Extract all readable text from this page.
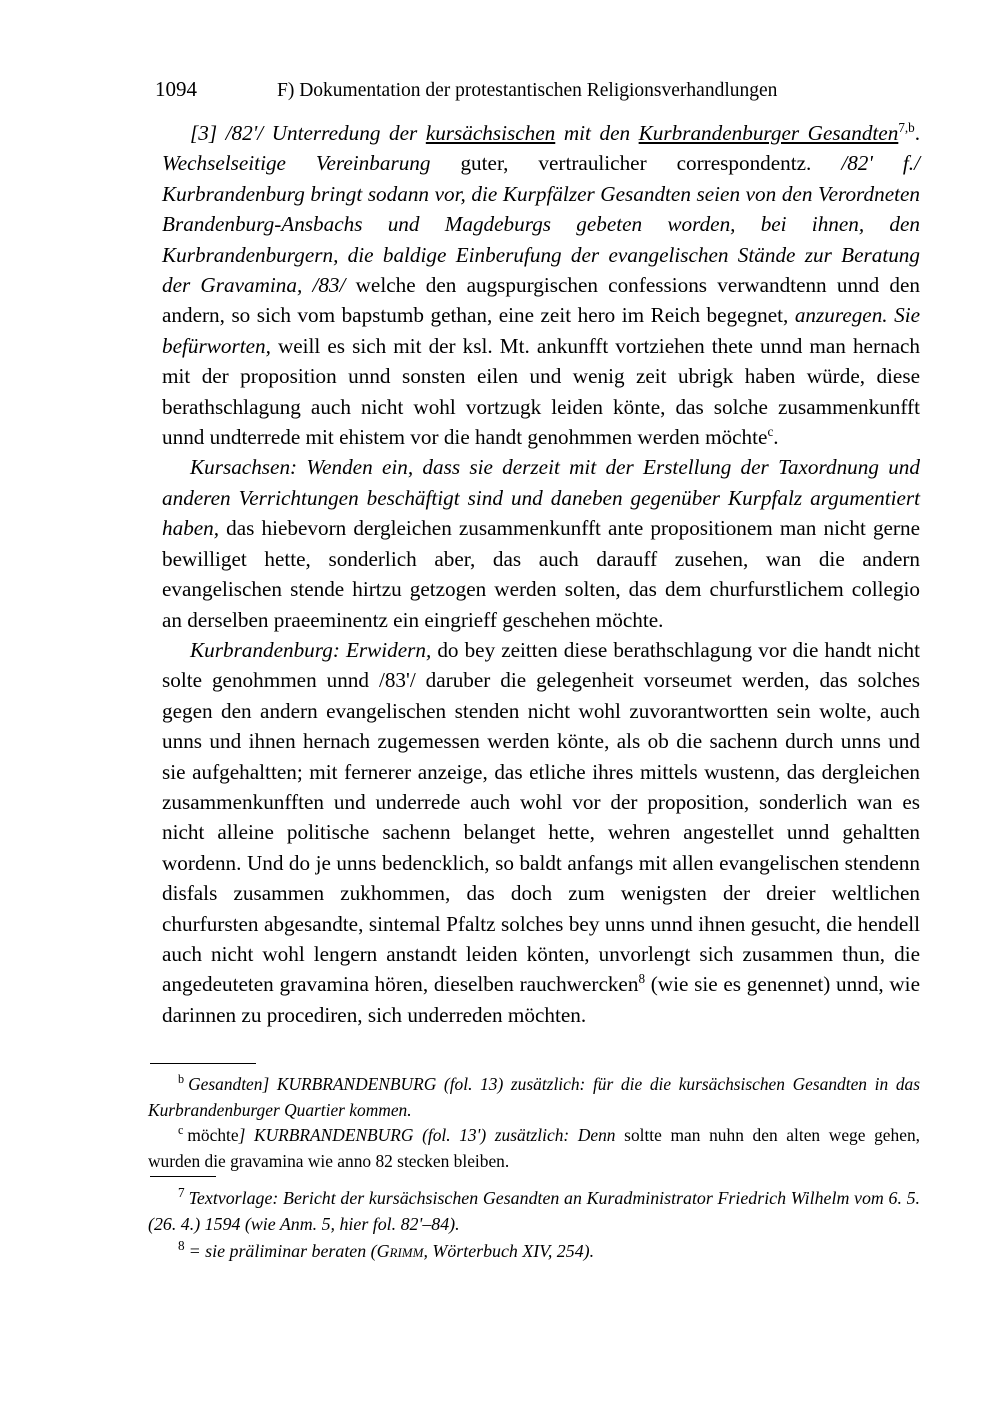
1094	F) Dokumentation der protestantischen Religionsverhandlungen

[3] /82'/ Unterredung der kursächsischen mit den Kurbrandenburger Gesandten$^{7,b}$. Wechselseitige Vereinbarung guter, vertraulicher correspondentz. /82' f./ Kurbrandenburg bringt sodann vor, die Kurpfälzer Gesandten seien von den Verordneten Brandenburg-Ansbachs und Magdeburgs gebeten worden, bei ihnen, den Kurbrandenburgern, die baldige Einberufung der evangelischen Stände zur Beratung der Gravamina, /83/ welche den augspurgischen confessions verwandtenn unnd den andern, so sich vom bapstumb gethan, eine zeit hero im Reich begegnet, anzuregen. Sie befürworten, weill es sich mit der ksl. Mt. ankunfft vortziehen thete unnd man hernach mit der proposition unnd sonsten eilen und wenig zeit ubrigk haben würde, diese berathschlagung auch nicht wohl vortzugk leiden könte, das solche zusammenkunfft unnd undterrede mit ehistem vor die handt genohmmen werden möchte$^c$.

Kursachsen: Wenden ein, dass sie derzeit mit der Erstellung der Taxordnung und anderen Verrichtungen beschäftigt sind und daneben gegenüber Kurpfalz argumentiert haben, das hiebevorn dergleichen zusammenkunfft ante propositionem man nicht gerne bewilliget hette, sonderlich aber, das auch darauff zusehen, wan die andern evangelischen stende hirtzu getzogen werden solten, das dem churfurstlichem collegio an derselben praeeminentz ein eingrieff geschehen möchte.

Kurbrandenburg: Erwidern, do bey zeitten diese berathschlagung vor die handt nicht solte genohmmen unnd /83'/ daruber die gelegenheit vorseumet werden, das solches gegen den andern evangelischen stenden nicht wohl zuvorantwortten sein wolte, auch unns und ihnen hernach zugemessen werden könte, als ob die sachenn durch unns und sie aufgehaltten; mit fernerer anzeige, das etliche ihres mittels wustenn, das dergleichen zusammenkunfften und underrede auch wohl vor der proposition, sonderlich wan es nicht alleine politische sachenn belanget hette, wehren angestellet unnd gehaltten wordenn. Und do je unns bedencklich, so baldt anfangs mit allen evangelischen stendenn disfals zusammen zukhommen, das doch zum wenigsten der dreier weltlichen churfursten abgesandte, sintemal Pfaltz solches bey unns unnd ihnen gesucht, die hendell auch nicht wohl lengern anstandt leiden könten, unvorlengt sich zusammen thun, die angedeuteten gravamina hören, dieselben rauchwercken$^8$ (wie sie es genennet) unnd, wie darinnen zu procediren, sich underreden möchten.

$^b$ Gesandten] KURBRANDENBURG (fol. 13) zusätzlich: für die die kursächsischen Gesandten in das Kurbrandenburger Quartier kommen.

$^c$ möchte] KURBRANDENBURG (fol. 13') zusätzlich: Denn soltte man nuhn den alten wege gehen, wurden die gravamina wie anno 82 stecken bleiben.

$^7$ Textvorlage: Bericht der kursächsischen Gesandten an Kuradministrator Friedrich Wilhelm vom 6. 5. (26. 4.) 1594 (wie Anm. 5, hier fol. 82'–84).

$^8$ = sie präliminar beraten (Grimm, Wörterbuch XIV, 254).
